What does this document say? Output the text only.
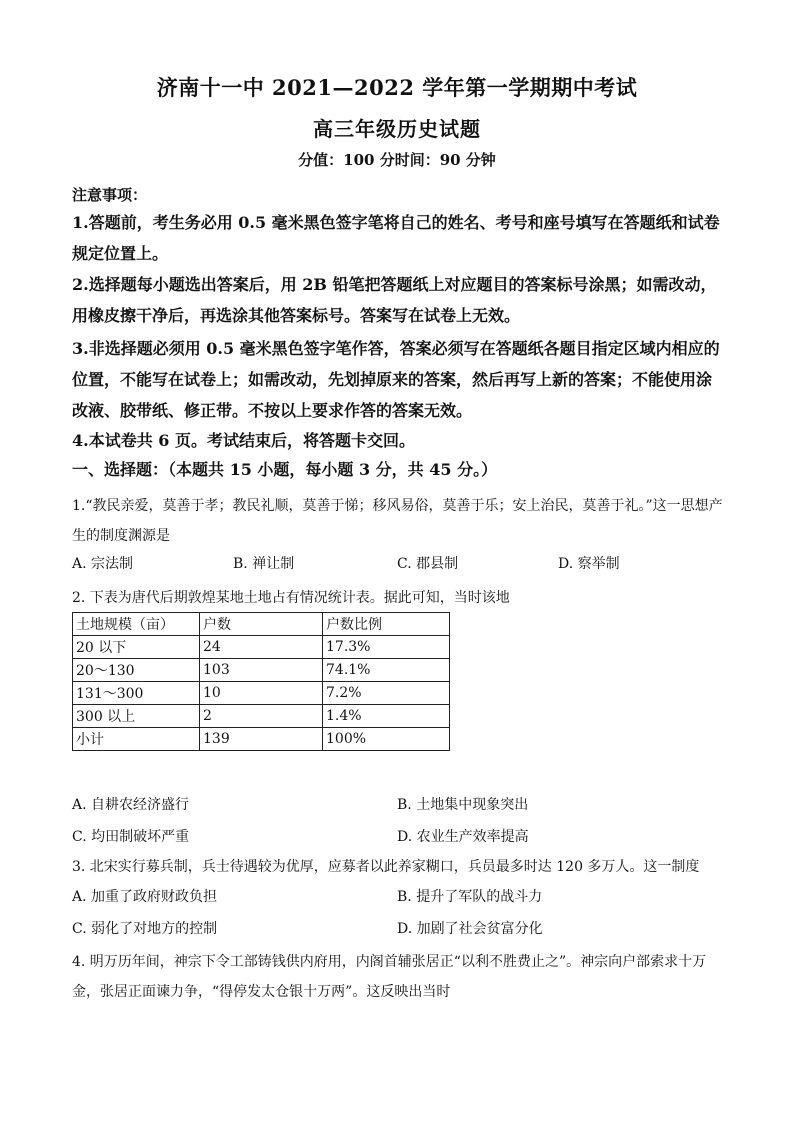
济南十一中 2021—2022 学年第一学期期中考试
高三年级历史试题
分值：100 分时间：90 分钟
注意事项：
1.答题前，考生务必用 0.5 毫米黑色签字笔将自己的姓名、考号和座号填写在答题纸和试卷规定位置上。
2.选择题每小题选出答案后，用 2B 铅笔把答题纸上对应题目的答案标号涂黑；如需改动，用橡皮擦干净后，再选涂其他答案标号。答案写在试卷上无效。
3.非选择题必须用 0.5 毫米黑色签字笔作答，答案必须写在答题纸各题目指定区域内相应的位置，不能写在试卷上；如需改动，先划掉原来的答案，然后再写上新的答案；不能使用涂改液、胶带纸、修正带。不按以上要求作答的答案无效。
4.本试卷共 6 页。考试结束后，将答题卡交回。
一、选择题：（本题共 15 小题，每小题 3 分，共 45 分。）
1.“教民亲爱，莫善于孝；教民礼顺，莫善于悌；移风易俗，莫善于乐；安上治民，莫善于礼。”这一思想产生的制度渊源是
A. 宗法制	B. 禅让制	C. 郡县制	D. 察举制
2. 下表为唐代后期敦煌某地土地占有情况统计表。据此可知，当时该地
土地规模（亩）	户数	户数比例
20 以下	24	17.3%
20～130	103	74.1%
131～300	10	7.2%
300 以上	2	1.4%
小计	139	100%
A. 自耕农经济盛行	B. 土地集中现象突出
C. 均田制破坏严重	D. 农业生产效率提高
3. 北宋实行募兵制，兵士待遇较为优厚，应募者以此养家糊口，兵员最多时达 120 多万人。这一制度
A. 加重了政府财政负担	B. 提升了军队的战斗力
C. 弱化了对地方的控制	D. 加剧了社会贫富分化
4. 明万历年间，神宗下令工部铸钱供内府用，内阁首辅张居正“以利不胜费止之”。神宗向户部索求十万金，张居正面谏力争，“得停发太仓银十万两”。这反映出当时
